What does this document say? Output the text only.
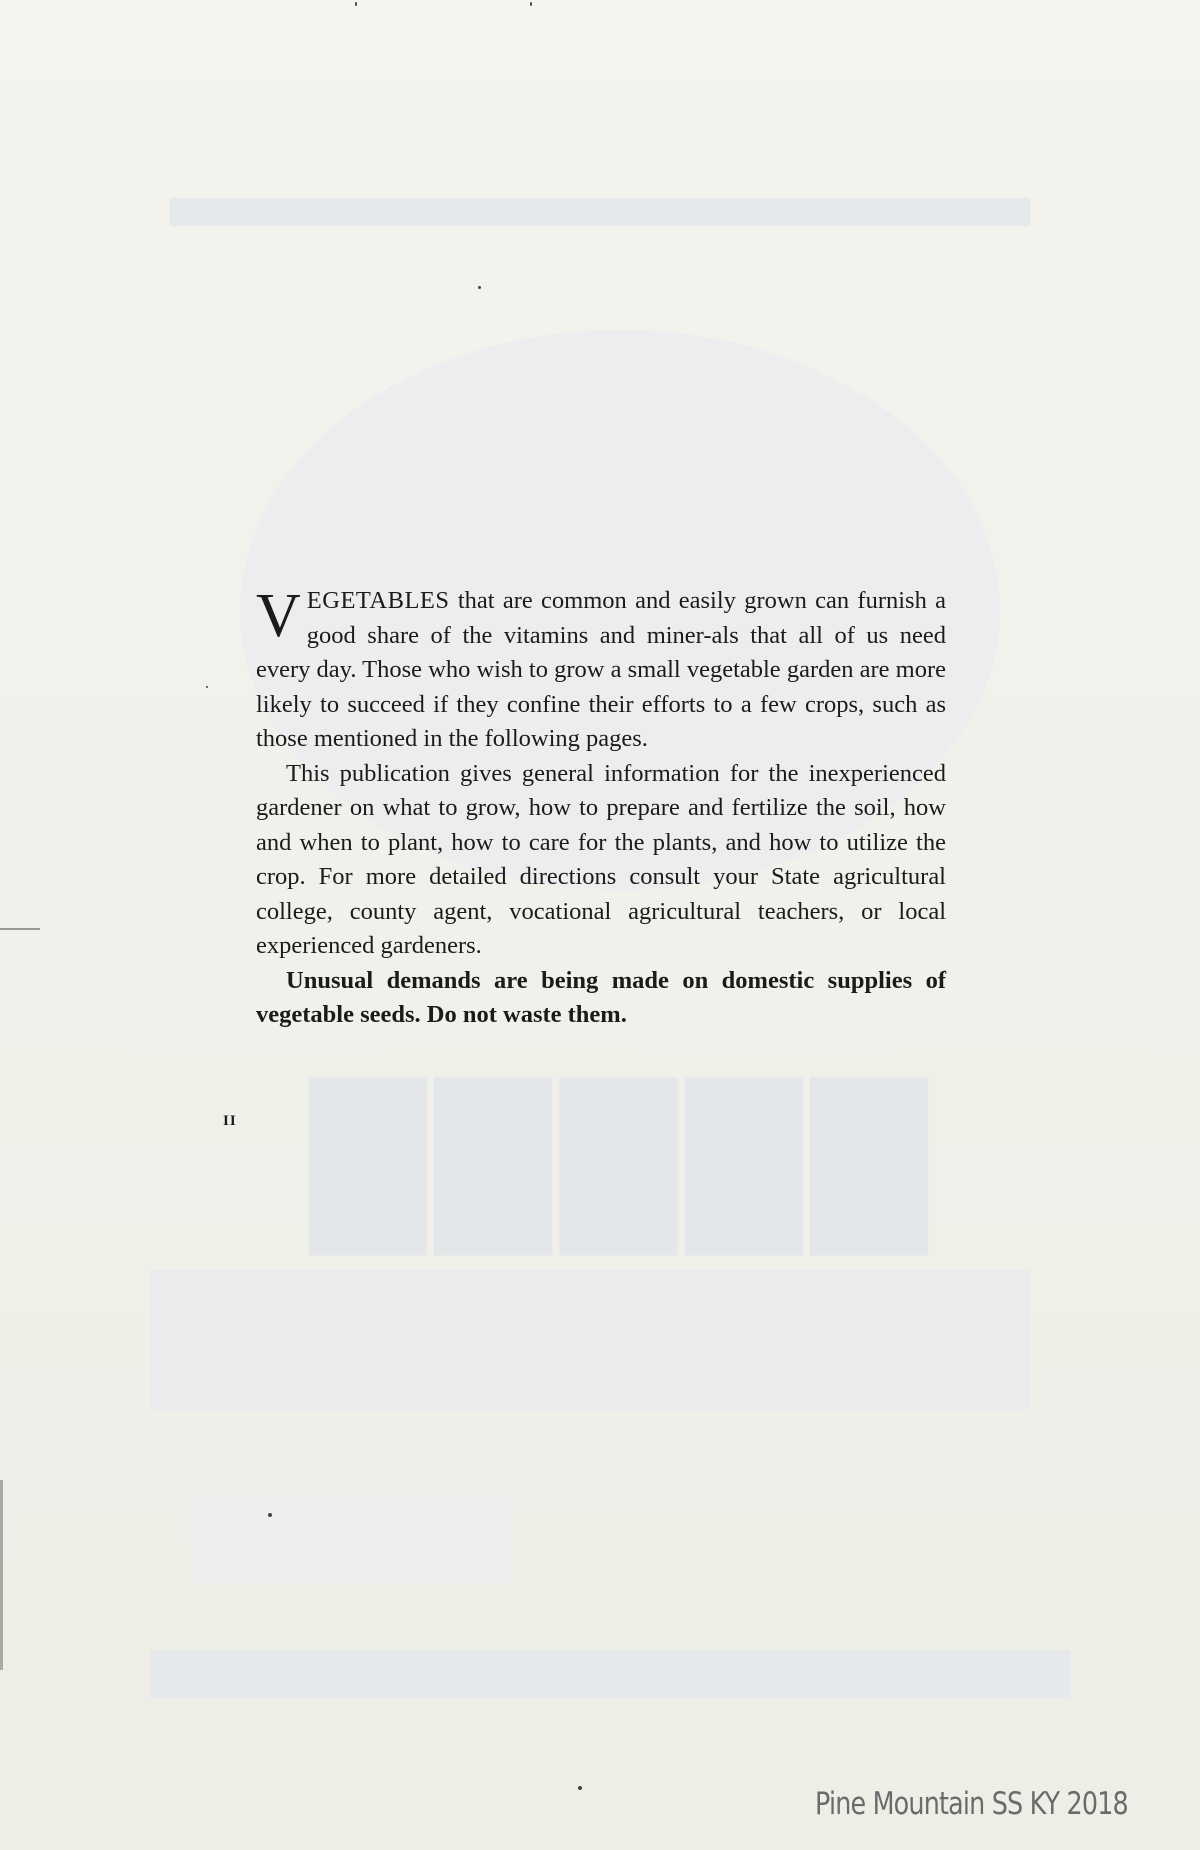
█████

VEGETABLES that are common and easily grown can furnish a good share of the vitamins and miner-als that all of us need every day. Those who wish to grow a small vegetable garden are more likely to succeed if they confine their efforts to a few crops, such as those mentioned in the following pages.

This publication gives general information for the inexperienced gardener on what to grow, how to prepare and fertilize the soil, how and when to plant, how to care for the plants, and how to utilize the crop. For more detailed directions consult your State agricultural college, county agent, vocational agricultural teachers, or local experienced gardeners.

Unusual demands are being made on domestic supplies of vegetable seeds. Do not waste them.

II
Pine Mountain SS KY 2018
